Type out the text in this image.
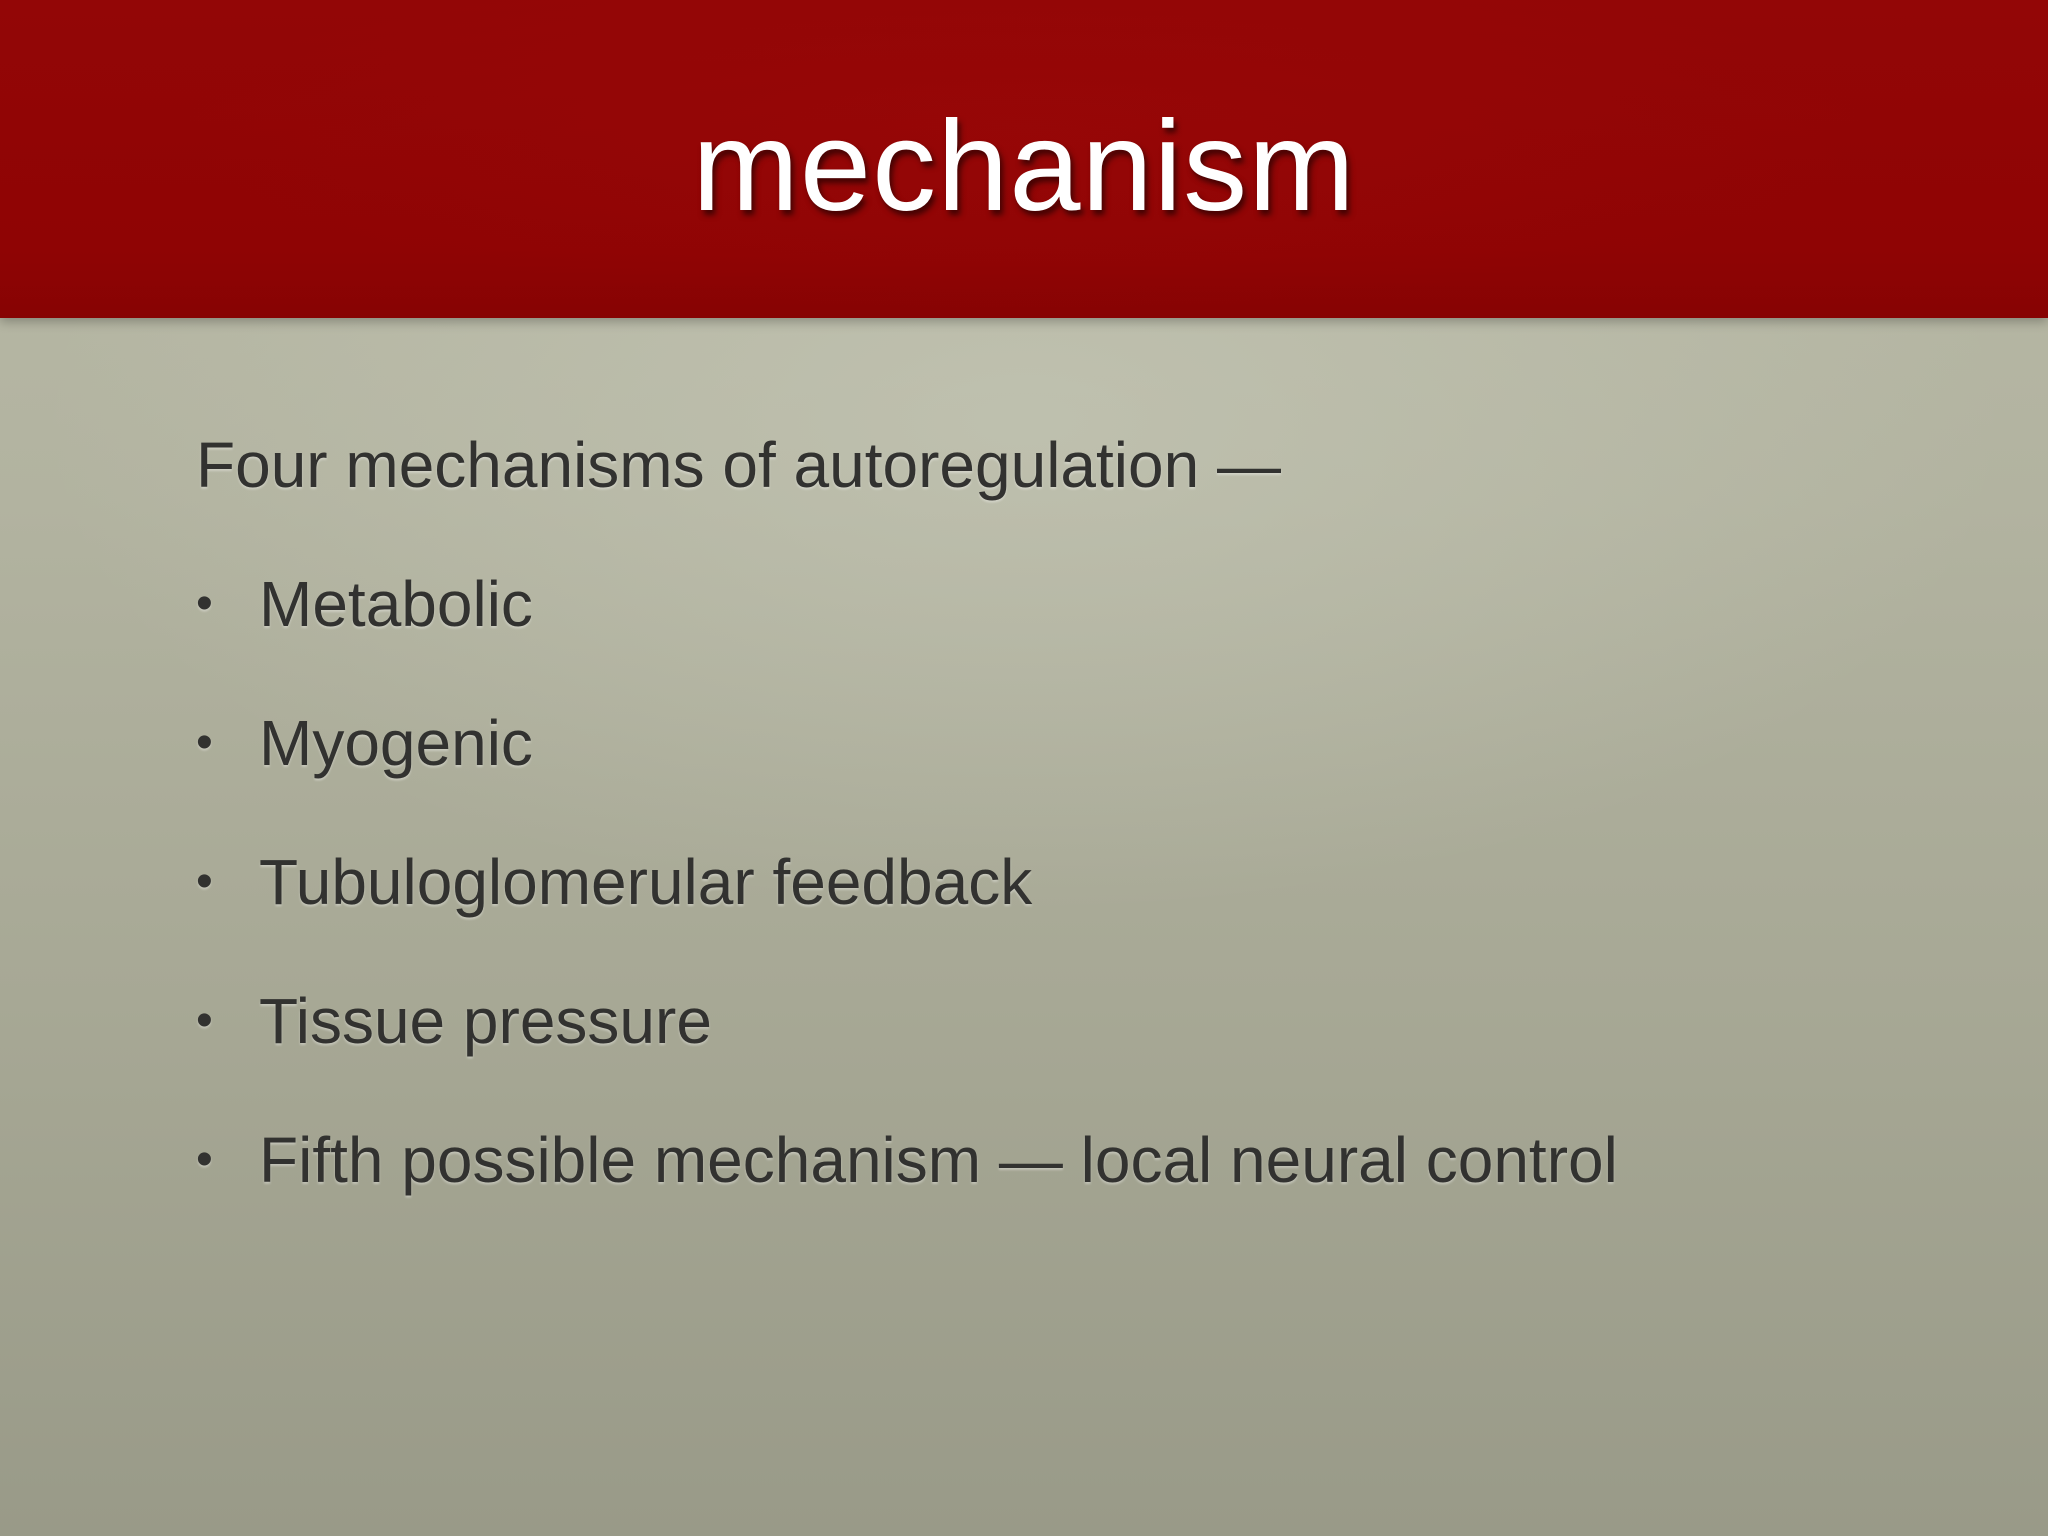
mechanism
Four mechanisms of autoregulation —
• Metabolic
• Myogenic
• Tubuloglomerular feedback
• Tissue pressure
• Fifth possible mechanism — local neural control
